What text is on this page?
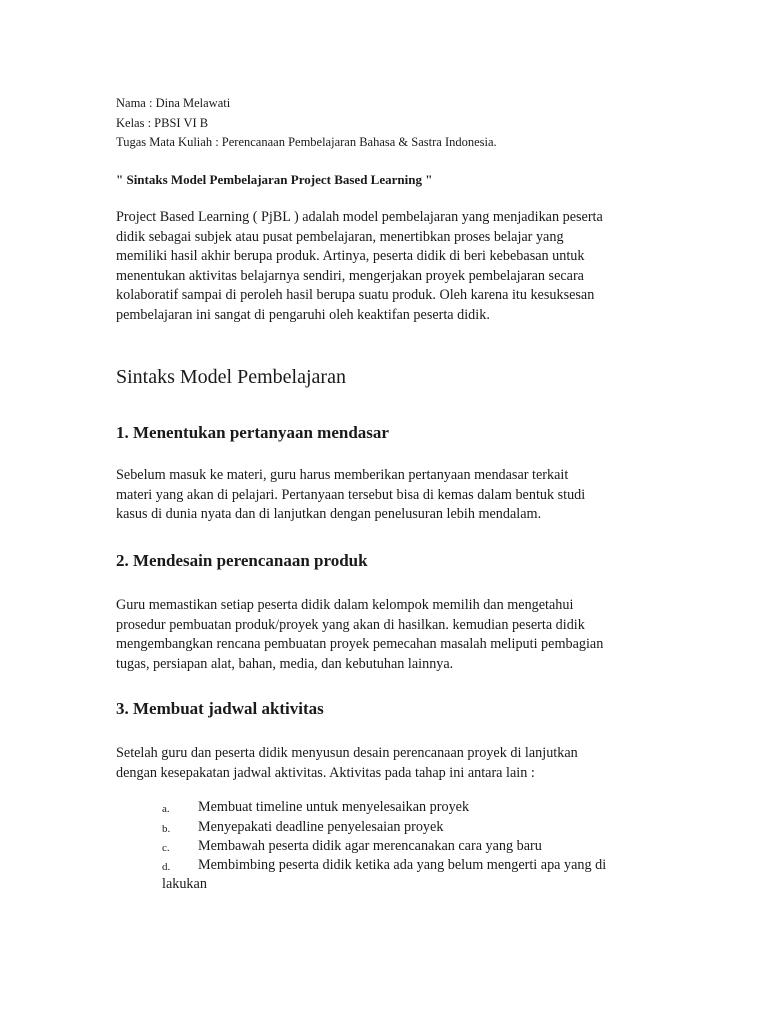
Nama : Dina Melawati
Kelas : PBSI VI B
Tugas Mata Kuliah : Perencanaan Pembelajaran Bahasa & Sastra Indonesia.
" Sintaks Model Pembelajaran Project Based Learning "
Project Based Learning ( PjBL ) adalah model pembelajaran yang menjadikan peserta
didik sebagai subjek atau pusat pembelajaran, menertibkan proses belajar yang
memiliki hasil akhir berupa produk. Artinya, peserta didik di beri kebebasan untuk
menentukan aktivitas belajarnya sendiri, mengerjakan proyek pembelajaran secara
kolaboratif sampai di peroleh hasil berupa suatu produk. Oleh karena itu kesuksesan
pembelajaran ini sangat di pengaruhi oleh keaktifan peserta didik.
Sintaks Model Pembelajaran
1. Menentukan pertanyaan mendasar
Sebelum masuk ke materi, guru harus memberikan pertanyaan mendasar terkait
materi yang akan di pelajari. Pertanyaan tersebut bisa di kemas dalam bentuk studi
kasus di dunia nyata dan di lanjutkan dengan penelusuran lebih mendalam.
2. Mendesain perencanaan produk
Guru memastikan setiap peserta didik dalam kelompok memilih dan mengetahui
prosedur pembuatan produk/proyek yang akan di hasilkan. kemudian peserta didik
mengembangkan rencana pembuatan proyek pemecahan masalah meliputi pembagian
tugas, persiapan alat, bahan, media, dan kebutuhan lainnya.
3. Membuat jadwal aktivitas
Setelah guru dan peserta didik menyusun desain perencanaan proyek di lanjutkan
dengan kesepakatan jadwal aktivitas. Aktivitas pada tahap ini antara lain :
a. Membuat timeline untuk menyelesaikan proyek
b. Menyepakati deadline penyelesaian proyek
c. Membawah peserta didik agar merencanakan cara yang baru
d. Membimbing peserta didik ketika ada yang belum mengerti apa yang di
lakukan
